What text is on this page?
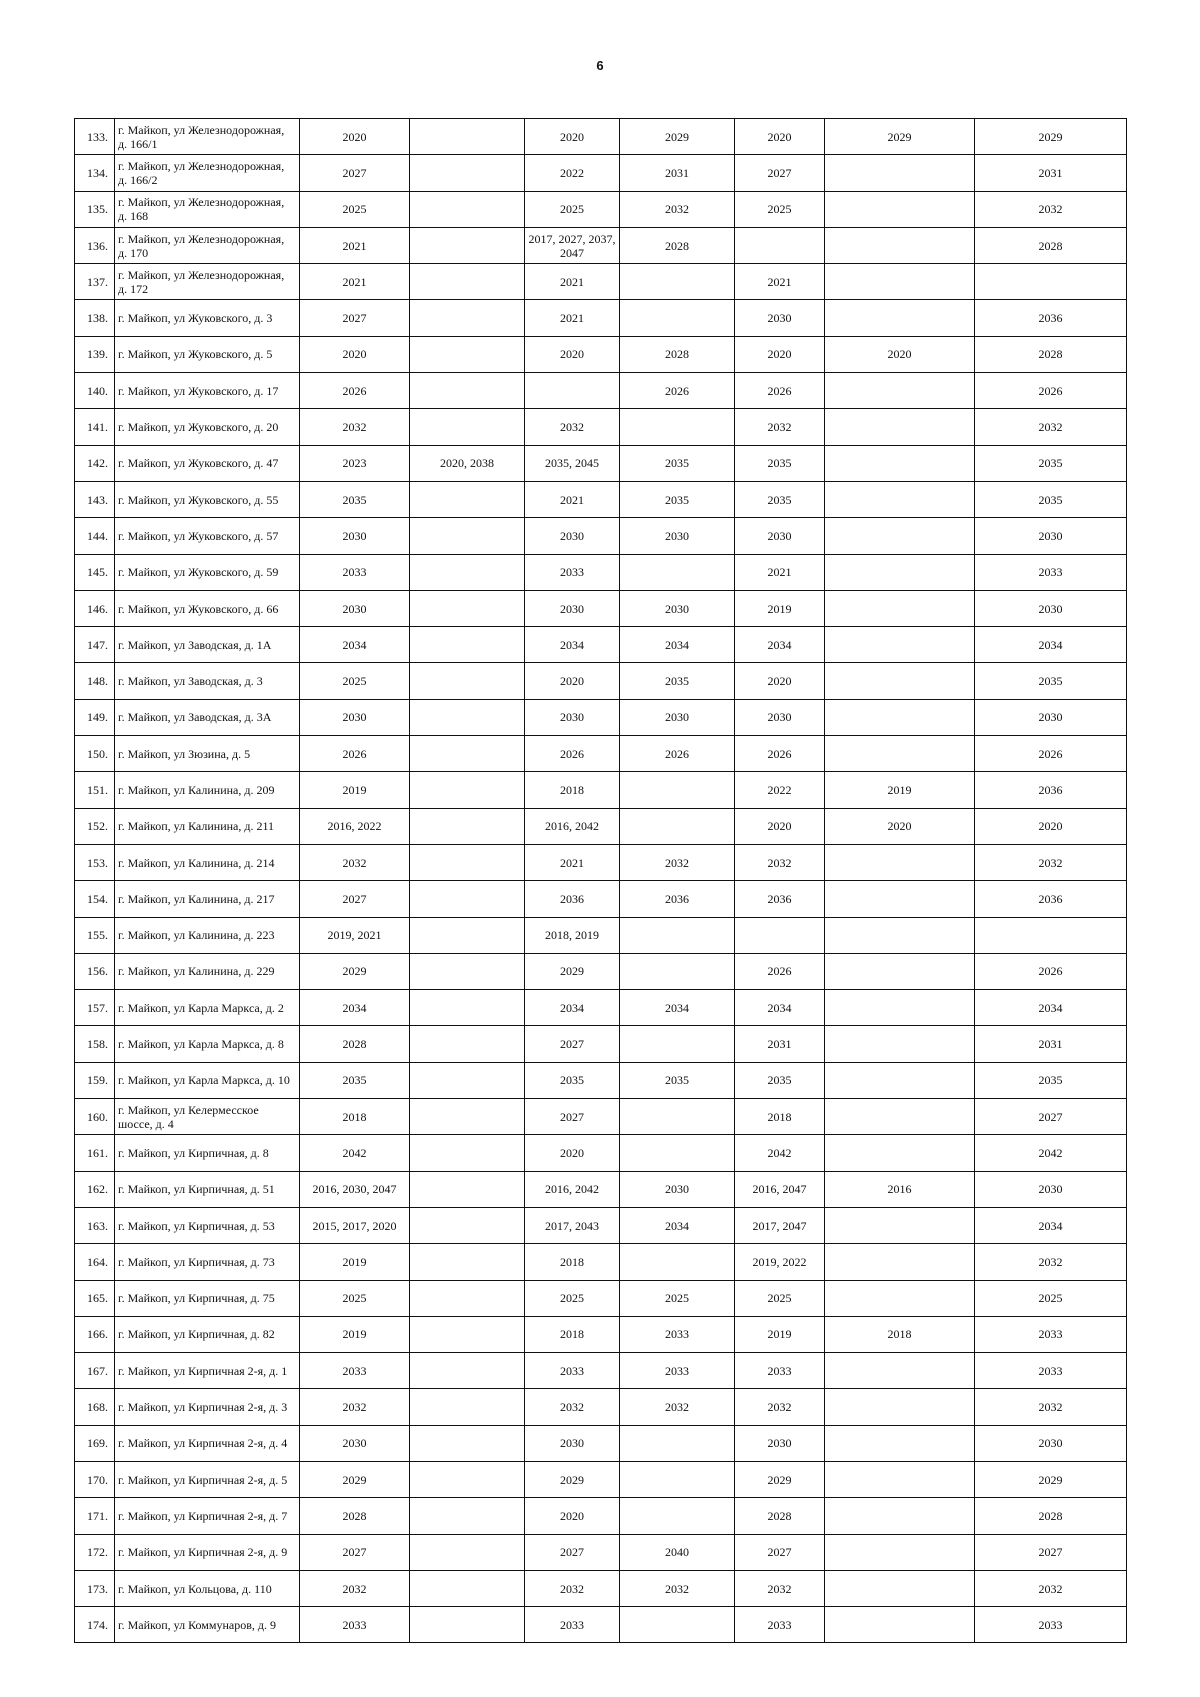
6
133.	г. Майкоп, ул Железнодорожная, д. 166/1	2020		2020	2029	2020	2029	2029
134.	г. Майкоп, ул Железнодорожная, д. 166/2	2027		2022	2031	2027		2031
135.	г. Майкоп, ул Железнодорожная, д. 168	2025		2025	2032	2025		2032
136.	г. Майкоп, ул Железнодорожная, д. 170	2021		2017, 2027, 2037, 2047	2028			2028
137.	г. Майкоп, ул Железнодорожная, д. 172	2021		2021		2021		
138.	г. Майкоп, ул Жуковского, д. 3	2027		2021		2030		2036
139.	г. Майкоп, ул Жуковского, д. 5	2020		2020	2028	2020	2020	2028
140.	г. Майкоп, ул Жуковского, д. 17	2026			2026	2026		2026
141.	г. Майкоп, ул Жуковского, д. 20	2032		2032		2032		2032
142.	г. Майкоп, ул Жуковского, д. 47	2023	2020, 2038	2035, 2045	2035	2035		2035
143.	г. Майкоп, ул Жуковского, д. 55	2035		2021	2035	2035		2035
144.	г. Майкоп, ул Жуковского, д. 57	2030		2030	2030	2030		2030
145.	г. Майкоп, ул Жуковского, д. 59	2033		2033		2021		2033
146.	г. Майкоп, ул Жуковского, д. 66	2030		2030	2030	2019		2030
147.	г. Майкоп, ул Заводская, д. 1А	2034		2034	2034	2034		2034
148.	г. Майкоп, ул Заводская, д. 3	2025		2020	2035	2020		2035
149.	г. Майкоп, ул Заводская, д. 3А	2030		2030	2030	2030		2030
150.	г. Майкоп, ул Зюзина, д. 5	2026		2026	2026	2026		2026
151.	г. Майкоп, ул Калинина, д. 209	2019		2018		2022	2019	2036
152.	г. Майкоп, ул Калинина, д. 211	2016, 2022		2016, 2042		2020	2020	2020
153.	г. Майкоп, ул Калинина, д. 214	2032		2021	2032	2032		2032
154.	г. Майкоп, ул Калинина, д. 217	2027		2036	2036	2036		2036
155.	г. Майкоп, ул Калинина, д. 223	2019, 2021		2018, 2019				
156.	г. Майкоп, ул Калинина, д. 229	2029		2029		2026		2026
157.	г. Майкоп, ул Карла Маркса, д. 2	2034		2034	2034	2034		2034
158.	г. Майкоп, ул Карла Маркса, д. 8	2028		2027		2031		2031
159.	г. Майкоп, ул Карла Маркса, д. 10	2035		2035	2035	2035		2035
160.	г. Майкоп, ул Келермесское шоссе, д. 4	2018		2027		2018		2027
161.	г. Майкоп, ул Кирпичная, д. 8	2042		2020		2042		2042
162.	г. Майкоп, ул Кирпичная, д. 51	2016, 2030, 2047		2016, 2042	2030	2016, 2047	2016	2030
163.	г. Майкоп, ул Кирпичная, д. 53	2015, 2017, 2020		2017, 2043	2034	2017, 2047		2034
164.	г. Майкоп, ул Кирпичная, д. 73	2019		2018		2019, 2022		2032
165.	г. Майкоп, ул Кирпичная, д. 75	2025		2025	2025	2025		2025
166.	г. Майкоп, ул Кирпичная, д. 82	2019		2018	2033	2019	2018	2033
167.	г. Майкоп, ул Кирпичная 2-я, д. 1	2033		2033	2033	2033		2033
168.	г. Майкоп, ул Кирпичная 2-я, д. 3	2032		2032	2032	2032		2032
169.	г. Майкоп, ул Кирпичная 2-я, д. 4	2030		2030		2030		2030
170.	г. Майкоп, ул Кирпичная 2-я, д. 5	2029		2029		2029		2029
171.	г. Майкоп, ул Кирпичная 2-я, д. 7	2028		2020		2028		2028
172.	г. Майкоп, ул Кирпичная 2-я, д. 9	2027		2027	2040	2027		2027
173.	г. Майкоп, ул Кольцова, д. 110	2032		2032	2032	2032		2032
174.	г. Майкоп, ул Коммунаров, д. 9	2033		2033		2033		2033
